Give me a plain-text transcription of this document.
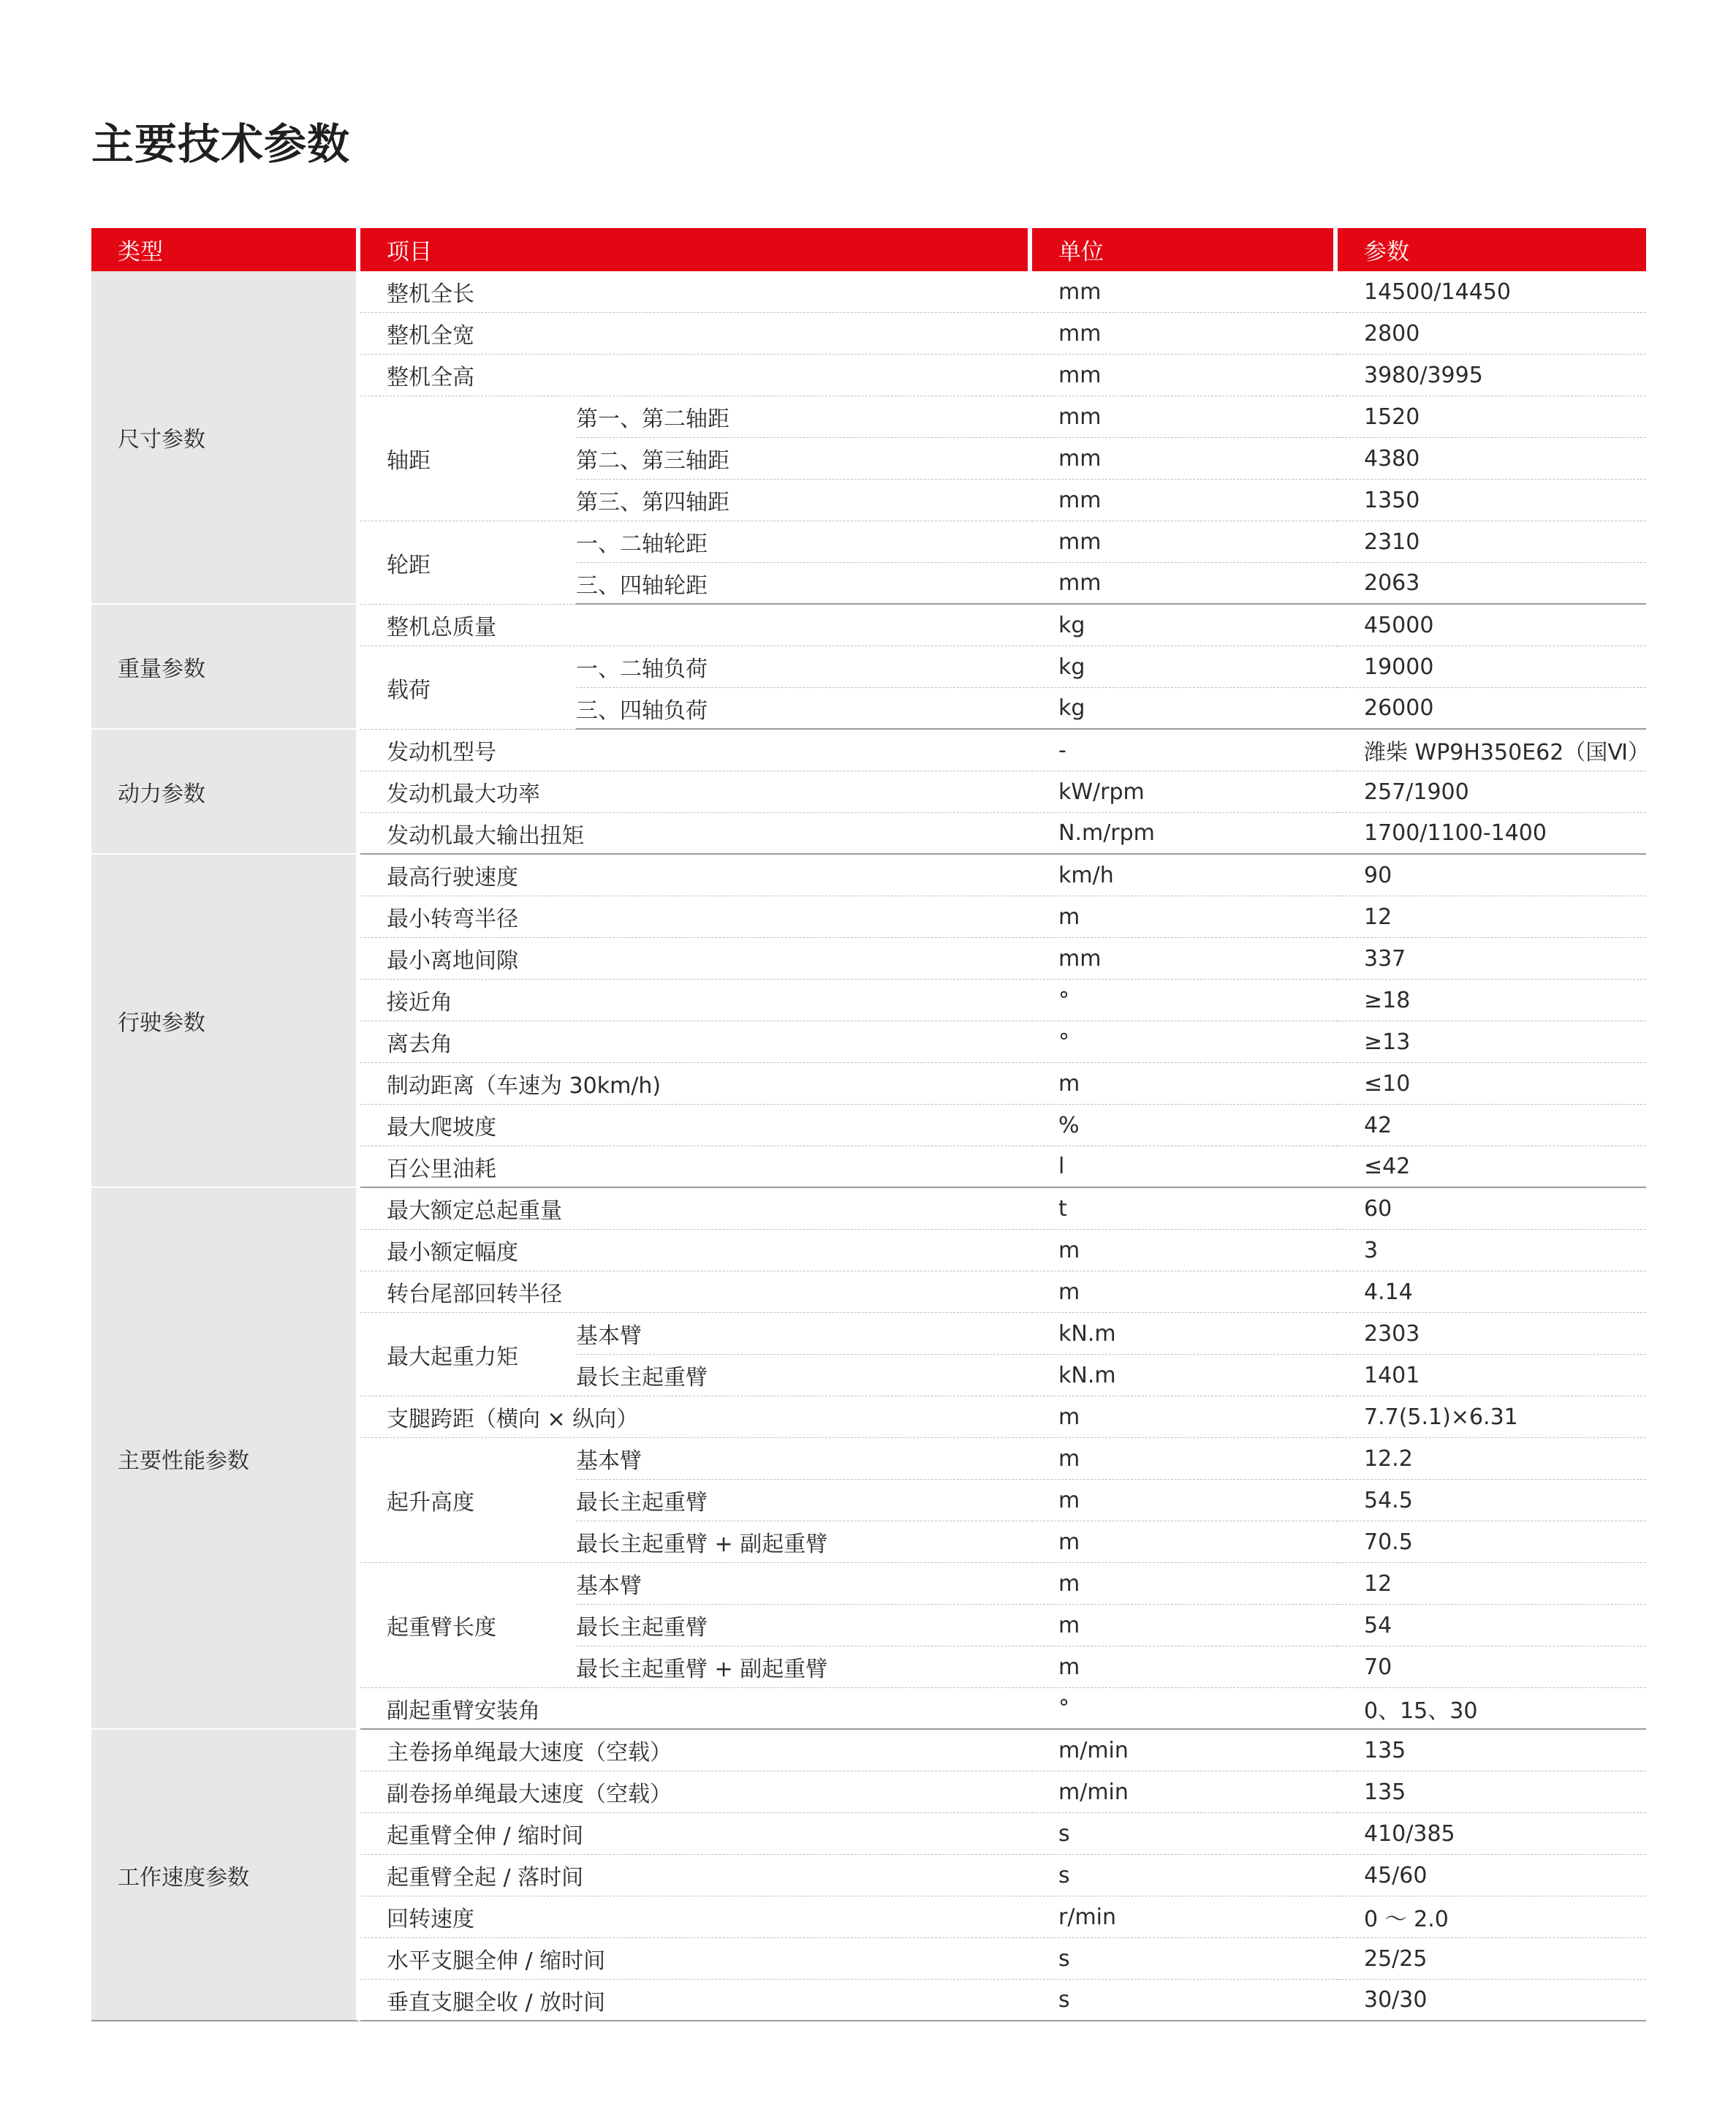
主要技术参数
类型	项目		单位	参数
尺寸参数	整机全长		mm	14500/14450
	整机全宽		mm	2800
	整机全高		mm	3980/3995
	轴距	第一、第二轴距	mm	1520
		第二、第三轴距	mm	4380
		第三、第四轴距	mm	1350
	轮距	一、二轴轮距	mm	2310
		三、四轴轮距	mm	2063
重量参数	整机总质量		kg	45000
	载荷	一、二轴负荷	kg	19000
		三、四轴负荷	kg	26000
动力参数	发动机型号		-	潍柴 WP9H350E62（国Ⅵ）
	发动机最大功率		kW/rpm	257/1900
	发动机最大输出扭矩		N.m/rpm	1700/1100-1400
行驶参数	最高行驶速度		km/h	90
	最小转弯半径		m	12
	最小离地间隙		mm	337
	接近角		°	≥18
	离去角		°	≥13
	制动距离（车速为 30km/h)		m	≤10
	最大爬坡度		%	42
	百公里油耗		l	≤42
主要性能参数	最大额定总起重量		t	60
	最小额定幅度		m	3
	转台尾部回转半径		m	4.14
	最大起重力矩	基本臂	kN.m	2303
		最长主起重臂	kN.m	1401
	支腿跨距（横向 × 纵向）		m	7.7(5.1)×6.31
	起升高度	基本臂	m	12.2
		最长主起重臂	m	54.5
		最长主起重臂 + 副起重臂	m	70.5
	起重臂长度	基本臂	m	12
		最长主起重臂	m	54
		最长主起重臂 + 副起重臂	m	70
	副起重臂安装角		°	0、15、30
工作速度参数	主卷扬单绳最大速度（空载）		m/min	135
	副卷扬单绳最大速度（空载）		m/min	135
	起重臂全伸 / 缩时间		s	410/385
	起重臂全起 / 落时间		s	45/60
	回转速度		r/min	0 ～ 2.0
	水平支腿全伸 / 缩时间		s	25/25
	垂直支腿全收 / 放时间		s	30/30
